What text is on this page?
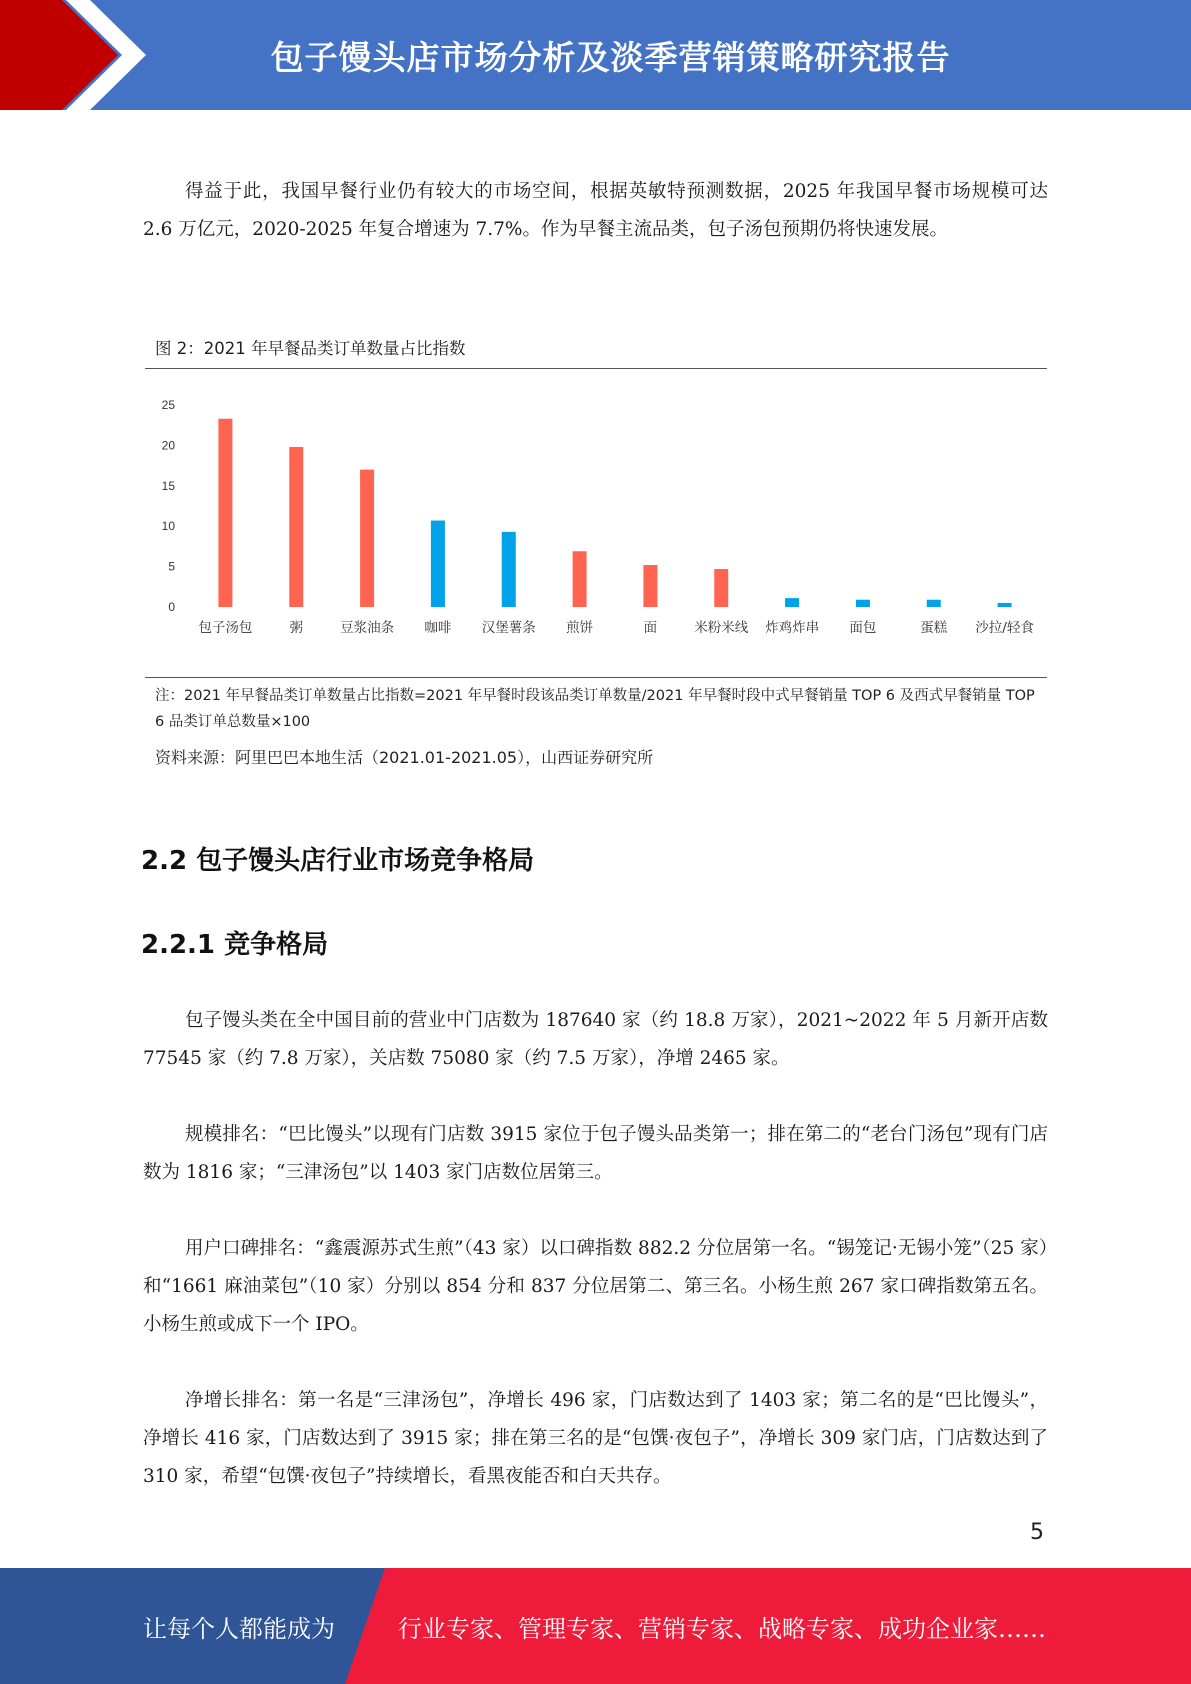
包子馒头店市场分析及淡季营销策略研究报告

得益于此，我国早餐行业仍有较大的市场空间，根据英敏特预测数据，2025 年我国早餐市场规模可达 2.6 万亿元，2020-2025 年复合增速为 7.7%。作为早餐主流品类，包子汤包预期仍将快速发展。

图 2：2021 年早餐品类订单数量占比指数
0
5
10
15
20
25
包子汤包	粥	豆浆油条 咖啡 汉堡薯条 煎饼	面	米粉米线 炸鸡炸串 面包	蛋糕 沙拉/轻食
注：2021 年早餐品类订单数量占比指数=2021 年早餐时段该品类订单数量/2021 年早餐时段中式早餐销量 TOP 6 及西式早餐销量 TOP 6 品类订单总数量×100
资料来源：阿里巴巴本地生活（2021.01-2021.05），山西证券研究所
2.2 包子馒头店行业市场竞争格局
2.2.1 竞争格局

包子馒头类在全中国目前的营业中门店数为 187640 家（约 18.8 万家），2021~2022 年 5 月新开店数 77545 家（约 7.8 万家），关店数 75080 家（约 7.5 万家），净增 2465 家。

规模排名：“巴比馒头”以现有门店数 3915 家位于包子馒头品类第一；排在第二的“老台门汤包”现有门店数为 1816 家；“三津汤包”以 1403 家门店数位居第三。

用户口碑排名：“鑫震源苏式生煎”（43 家）以口碑指数 882.2 分位居第一名。“锡笼记·无锡小笼”（25 家）和“1661 麻油菜包”（10 家）分别以 854 分和 837 分位居第二、第三名。小杨生煎 267 家口碑指数第五名。小杨生煎或成下一个 IPO。

净增长排名：第一名是“三津汤包”，净增长 496 家，门店数达到了 1403 家；第二名的是“巴比馒头”，净增长 416 家，门店数达到了 3915 家；排在第三名的是“包馔·夜包子”，净增长 309 家门店，门店数达到了 310 家，希望“包馔·夜包子”持续增长，看黑夜能否和白天共存。

5
让每个人都能成为	行业专家、管理专家、营销专家、战略专家、成功企业家……
